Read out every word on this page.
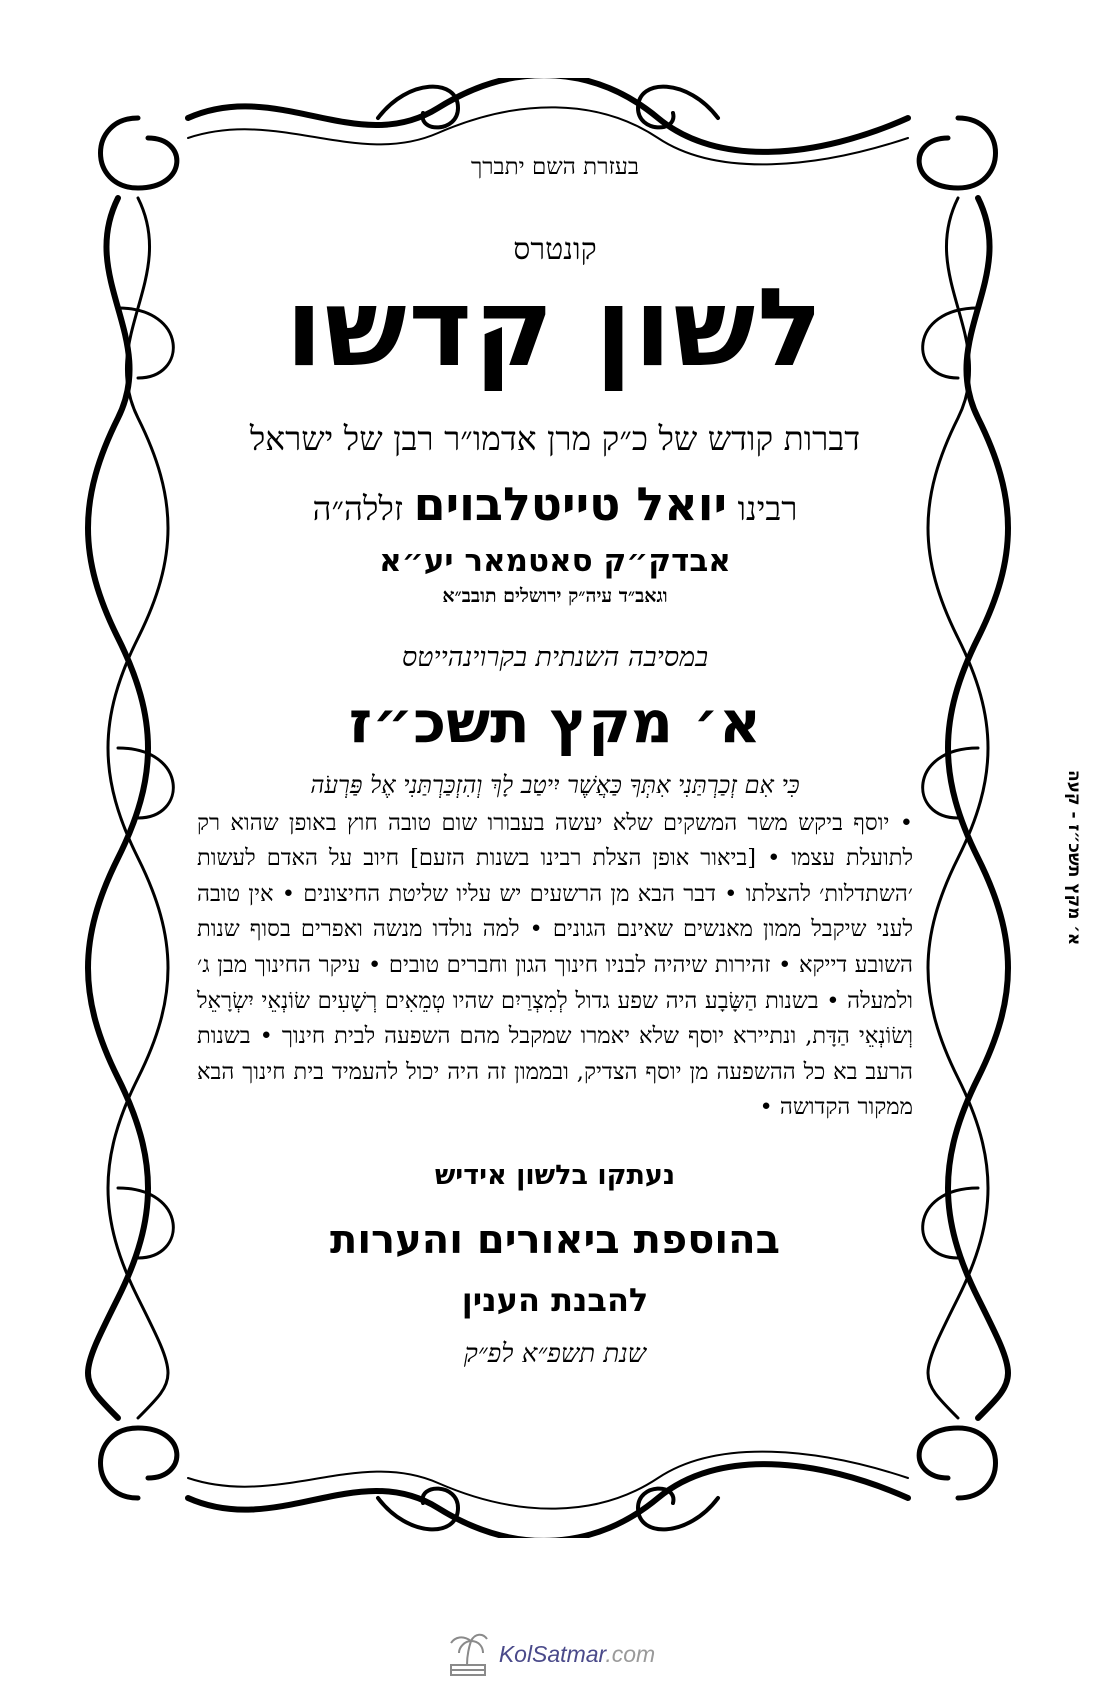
בעזרת השם יתברך
קונטרס
לשון קדשו
דברות קודש של כ״ק מרן אדמו״ר רבן של ישראל
רבינו יואל טייטלבוים זללה״ה
אבדק״ק סאטמאר יע״א
וגאב״ד עיה״ק ירושלים תובב״א
במסיבה השנתית בקרוינהייטס
א׳ מקץ תשכ״ז
כִּי אִם זְכַרְתַּנִי אִתְּךָ כַּאֲשֶׁר יִיטַב לָךְ וְהִזְכַּרְתַּנִי אֶל פַּרְעֹה
• יוסף ביקש משר המשקים שלא יעשה בעבורו שום טובה חוץ באופן שהוא רק לתועלת עצמו • [ביאור אופן הצלת רבינו בשנות הזעם] חיוב על האדם לעשות ׳השתדלות׳ להצלתו • דבר הבא מן הרשעים יש עליו שליטת החיצונים • אין טובה לעני שיקבל ממון מאנשים שאינם הגונים • למה נולדו מנשה ואפרים בסוף שנות השובע דייקא • זהירות שיהיה לבניו חינוך הגון וחברים טובים • עיקר החינוך מבן ג׳ ולמעלה • בשנות הַשָּׂבָע היה שפע גדול לְמִצְרַיִם שהיו טְמֵאִים רְשָׁעִים שׂוֹנְאֵי יִשְׂרָאֵל וְשׂוֹנְאֵי הַדָּת, ונתיירא יוסף שלא יאמרו שמקבל מהם השפעה לבית חינוך • בשנות הרעב בא כל ההשפעה מן יוסף הצדיק, ובממון זה היה יכול להעמיד בית חינוך הבא ממקור הקדושה •
נעתקו בלשון אידיש
בהוספת ביאורים והערות
להבנת הענין
שנת תשפ״א לפ״ק
א׳ מקץ תשכ״ז - קעה
KolSatmar.com
